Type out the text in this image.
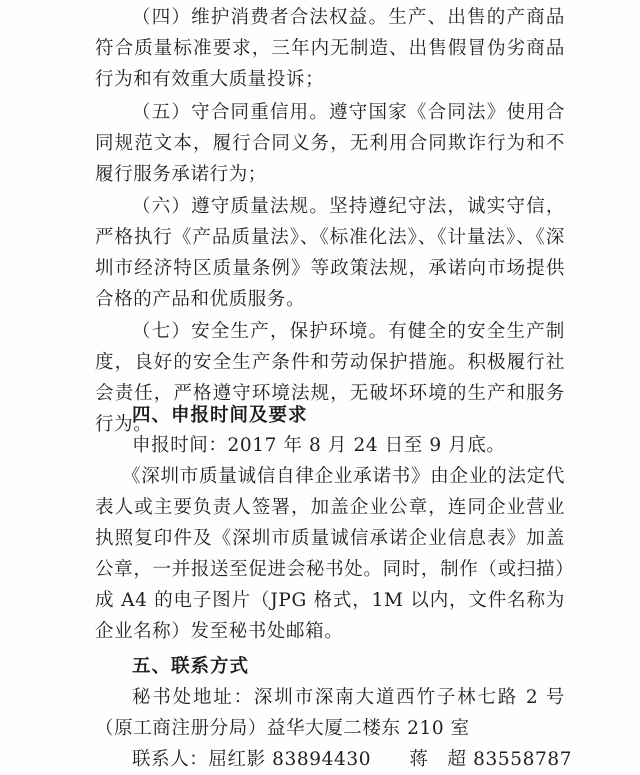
（四）维护消费者合法权益。生产、出售的产商品符合质量标准要求，三年内无制造、出售假冒伪劣商品行为和有效重大质量投诉；

（五）守合同重信用。遵守国家《合同法》使用合同规范文本，履行合同义务，无利用合同欺诈行为和不履行服务承诺行为；

（六）遵守质量法规。坚持遵纪守法，诚实守信，严格执行《产品质量法》、《标准化法》、《计量法》、《深圳市经济特区质量条例》等政策法规，承诺向市场提供合格的产品和优质服务。

（七）安全生产，保护环境。有健全的安全生产制度，良好的安全生产条件和劳动保护措施。积极履行社会责任，严格遵守环境法规，无破坏环境的生产和服务行为。

四、申报时间及要求

申报时间：2017 年 8 月 24 日至 9 月底。

《深圳市质量诚信自律企业承诺书》由企业的法定代表人或主要负责人签署，加盖企业公章，连同企业营业执照复印件及《深圳市质量诚信承诺企业信息表》加盖公章，一并报送至促进会秘书处。同时，制作（或扫描）成 A4 的电子图片（JPG 格式，1M 以内，文件名称为企业名称）发至秘书处邮箱。

五、联系方式

秘书处地址：深圳市深南大道西竹子林七路 2 号（原工商注册分局）益华大厦二楼东 210 室

联系人：屈红影 83894430　　蒋　超 83558787
